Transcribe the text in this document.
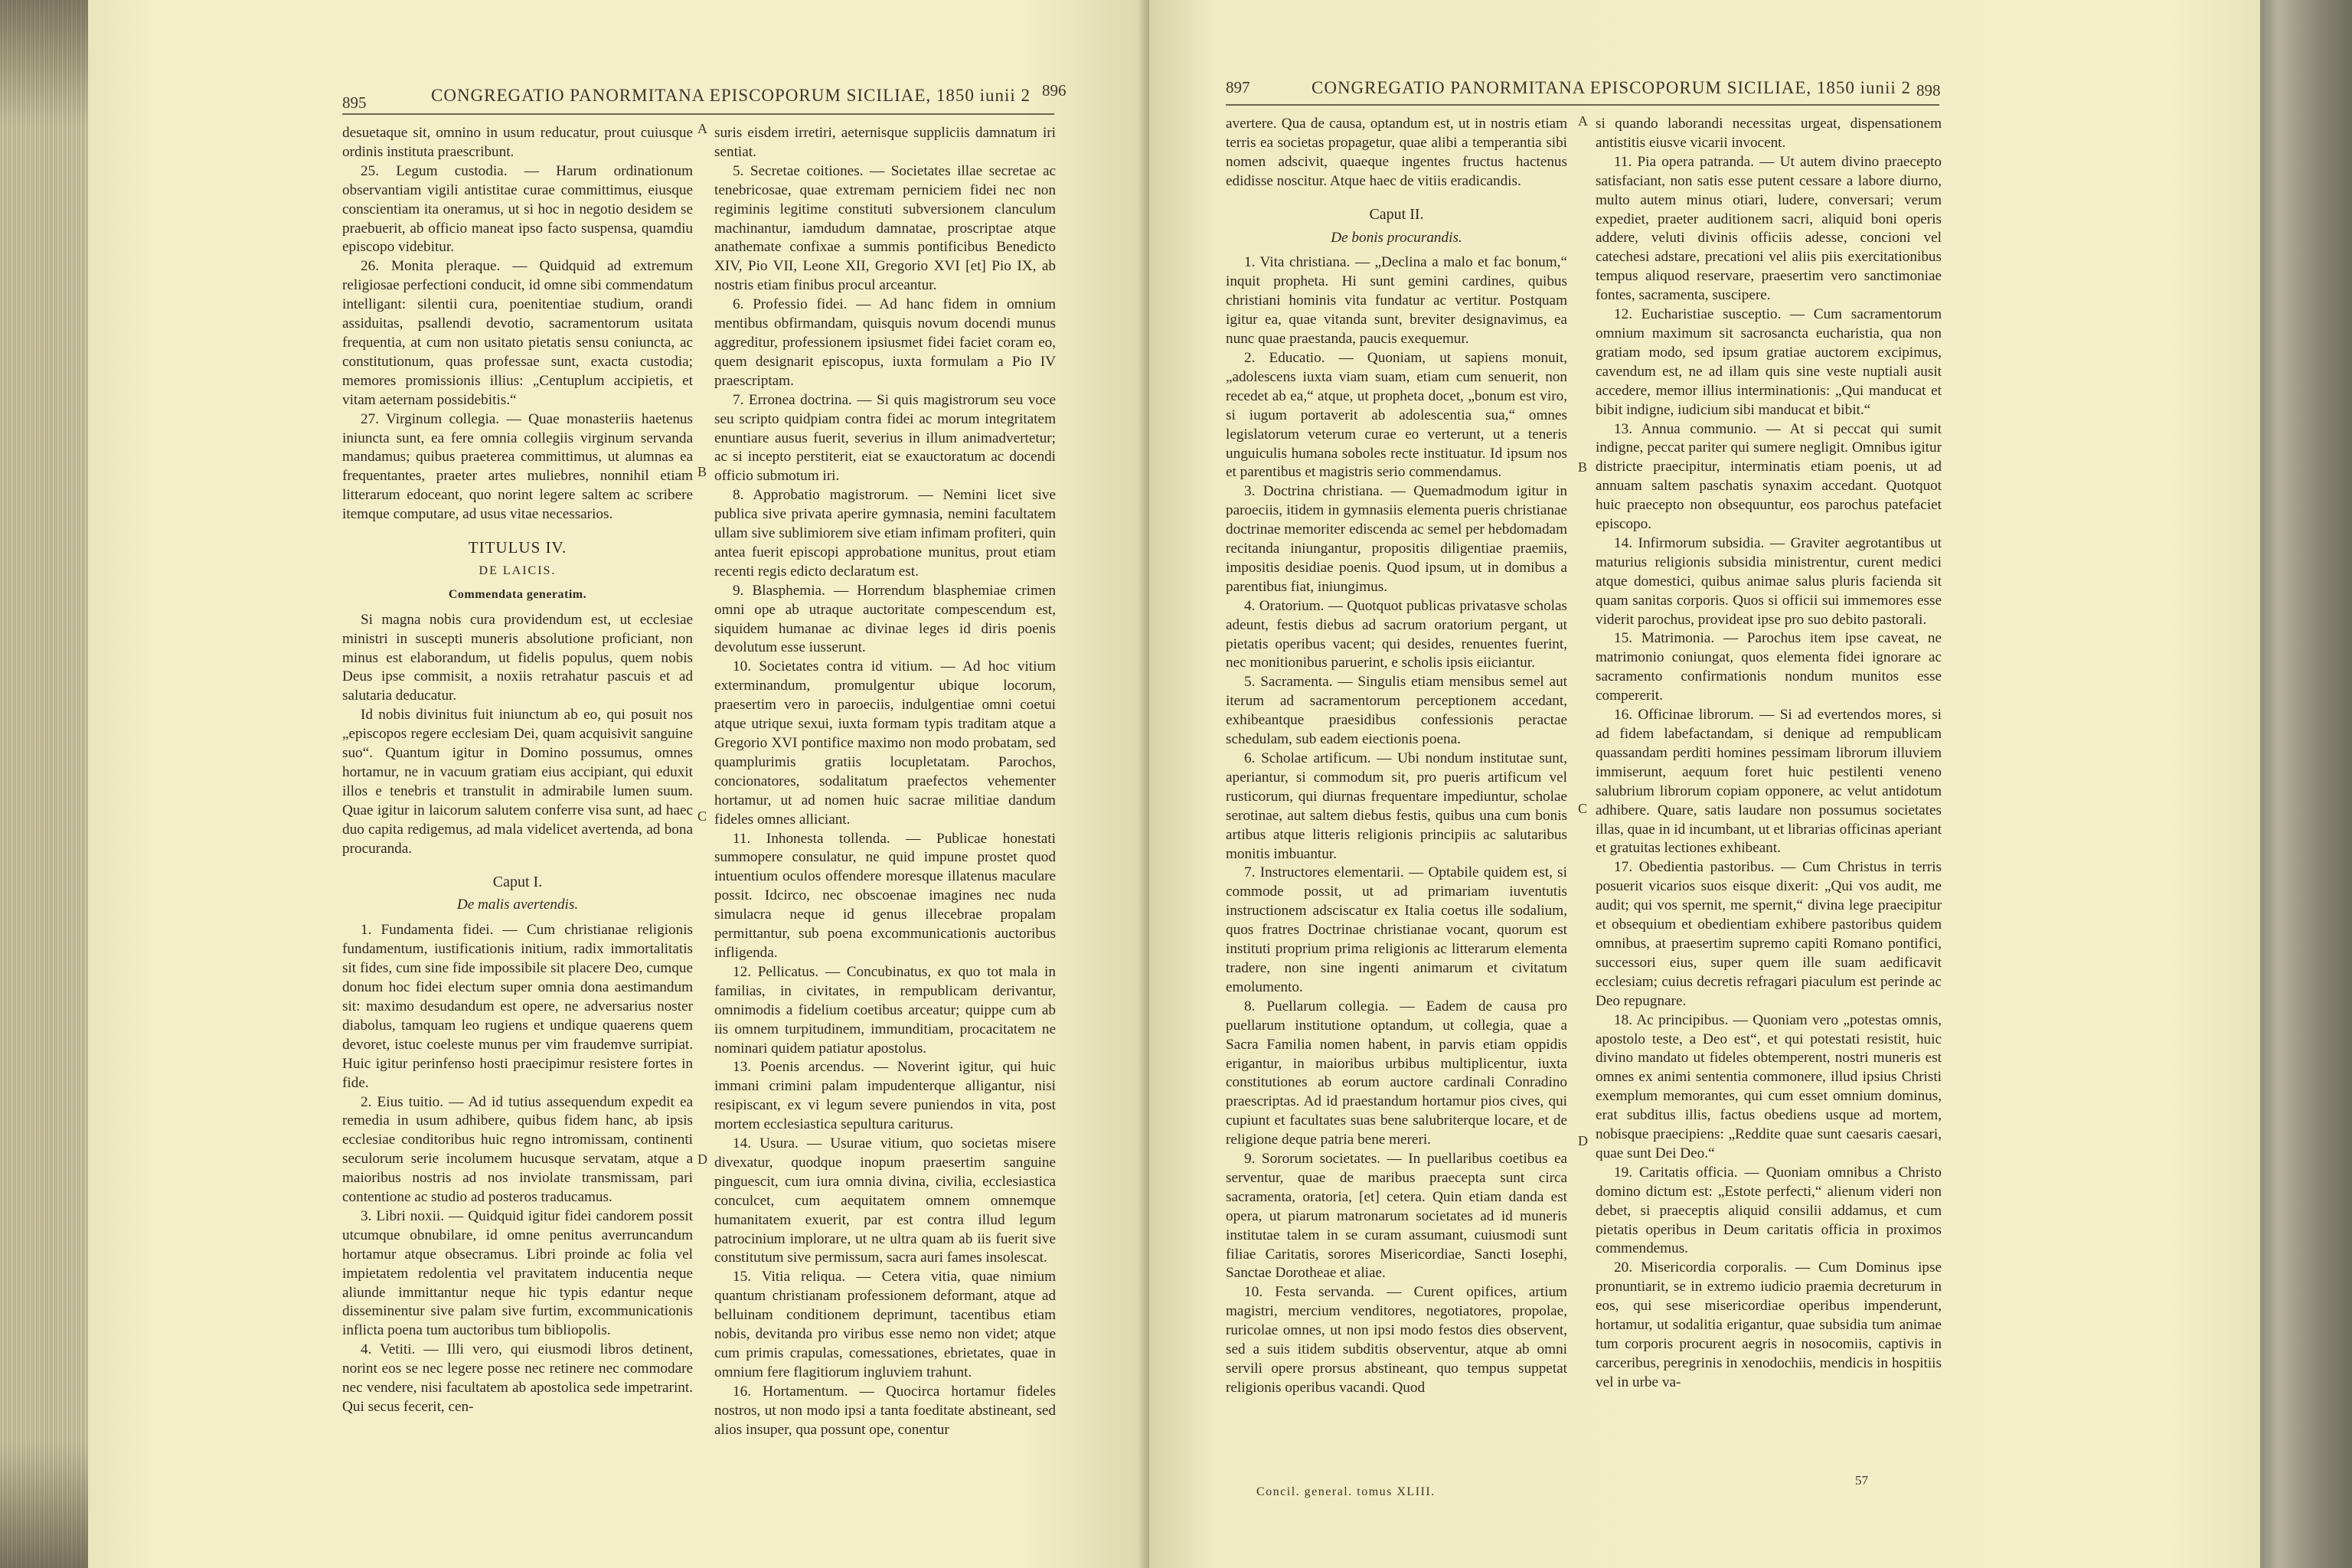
895	CONGREGATIO PANORMITANA EPISCOPORUM SICILIAE, 1850 iunii 2 896

desuetaque sit, omnino in usum reducatur, prout cuiusque ordinis instituta praescribunt.

25. Legum custodia. — Harum ordinationum observantiam vigili antistitae curae committimus, eiusque conscientiam ita oneramus, ut si hoc in negotio desidem se praebuerit, ab officio maneat ipso facto suspensa, quamdiu episcopo videbitur.

26. Monita pleraque. — Quidquid ad extremum religiosae perfectioni conducit, id omne sibi commendatum intelligant: silentii cura, poenitentiae studium, orandi assiduitas, psallendi devotio, sacramentorum usitata frequentia, at cum non usitato pietatis sensu coniuncta, ac constitutionum, quas professae sunt, exacta custodia; memores promissionis illius: „Centuplum accipietis, et vitam aeternam possidebitis.“

27. Virginum collegia. — Quae monasteriis haetenus iniuncta sunt, ea fere omnia collegiis virginum servanda mandamus; quibus praeterea committimus, ut alumnas ea frequentantes, praeter artes muliebres, nonnihil etiam litterarum edoceant, quo norint legere saltem ac scribere itemque computare, ad usus vitae necessarios.

TITULUS IV.

DE LAICIS.

Commendata generatim.

Si magna nobis cura providendum est, ut ecclesiae ministri in suscepti muneris absolutione proficiant, non minus est elaborandum, ut fidelis populus, quem nobis Deus ipse commisit, a noxiis retrahatur pascuis et ad salutaria deducatur.

Id nobis divinitus fuit iniunctum ab eo, qui posuit nos „episcopos regere ecclesiam Dei, quam acquisivit sanguine suo“. Quantum igitur in Domino possumus, omnes hortamur, ne in vacuum gratiam eius accipiant, qui eduxit illos e tenebris et transtulit in admirabile lumen suum. Quae igitur in laicorum salutem conferre visa sunt, ad haec duo capita redigemus, ad mala videlicet avertenda, ad bona procuranda.

Caput I.

De malis avertendis.

1. Fundamenta fidei. — Cum christianae religionis fundamentum, iustificationis initium, radix immortalitatis sit fides, cum sine fide impossibile sit placere Deo, cumque donum hoc fidei electum super omnia dona aestimandum sit: maximo desudandum est opere, ne adversarius noster diabolus, tamquam leo rugiens et undique quaerens quem devoret, istuc coeleste munus per vim fraudemve surripiat. Huic igitur perinfenso hosti praecipimur resistere fortes in fide.

2. Eius tuitio. — Ad id tutius assequendum expedit ea remedia in usum adhibere, quibus fidem hanc, ab ipsis ecclesiae conditoribus huic regno intromissam, continenti seculorum serie incolumem hucusque servatam, atque a maioribus nostris ad nos inviolate transmissam, pari contentione ac studio ad posteros traducamus.

3. Libri noxii. — Quidquid igitur fidei candorem possit utcumque obnubilare, id omne penitus averruncandum hortamur atque obsecramus. Libri proinde ac folia vel impietatem redolentia vel pravitatem inducentia neque aliunde immittantur neque hic typis edantur neque disseminentur sive palam sive furtim, excommunicationis inflicta poena tum auctoribus tum bibliopolis.

4. Vetiti. — Illi vero, qui eiusmodi libros detinent, norint eos se nec legere posse nec retinere nec commodare nec vendere, nisi facultatem ab apostolica sede impetrarint. Qui secus fecerit, cen-

A
B
C
D

suris eisdem irretiri, aeternisque suppliciis damnatum iri sentiat.

5. Secretae coitiones. — Societates illae secretae ac tenebricosae, quae extremam perniciem fidei nec non regiminis legitime constituti subversionem clanculum machinantur, iamdudum damnatae, proscriptae atque anathemate confixae a summis pontificibus Benedicto XIV, Pio VII, Leone XII, Gregorio XVI [et] Pio IX, ab nostris etiam finibus procul arceantur.

6. Professio fidei. — Ad hanc fidem in omnium mentibus obfirmandam, quisquis novum docendi munus aggreditur, professionem ipsiusmet fidei faciet coram eo, quem designarit episcopus, iuxta formulam a Pio IV praescriptam.

7. Erronea doctrina. — Si quis magistrorum seu voce seu scripto quidpiam contra fidei ac morum integritatem enuntiare ausus fuerit, severius in illum animadvertetur; ac si incepto perstiterit, eiat se exauctoratum ac docendi officio submotum iri.

8. Approbatio magistrorum. — Nemini licet sive publica sive privata aperire gymnasia, nemini facultatem ullam sive sublimiorem sive etiam infimam profiteri, quin antea fuerit episcopi approbatione munitus, prout etiam recenti regis edicto declaratum est.

9. Blasphemia. — Horrendum blasphemiae crimen omni ope ab utraque auctoritate compescendum est, siquidem humanae ac divinae leges id diris poenis devolutum esse iusserunt.

10. Societates contra id vitium. — Ad hoc vitium exterminandum, promulgentur ubique locorum, praesertim vero in paroeciis, indulgentiae omni coetui atque utrique sexui, iuxta formam typis traditam atque a Gregorio XVI pontifice maximo non modo probatam, sed quamplurimis gratiis locupletatam. Parochos, concionatores, sodalitatum praefectos vehementer hortamur, ut ad nomen huic sacrae militiae dandum fideles omnes alliciant.

11. Inhonesta tollenda. — Publicae honestati summopere consulatur, ne quid impune prostet quod intuentium oculos offendere moresque illatenus maculare possit. Idcirco, nec obscoenae imagines nec nuda simulacra neque id genus illecebrae propalam permittantur, sub poena excommunicationis auctoribus infligenda.

12. Pellicatus. — Concubinatus, ex quo tot mala in familias, in civitates, in rempublicam derivantur, omnimodis a fidelium coetibus arceatur; quippe cum ab iis omnem turpitudinem, immunditiam, procacitatem ne nominari quidem patiatur apostolus.

13. Poenis arcendus. — Noverint igitur, qui huic immani crimini palam impudenterque alligantur, nisi resipiscant, ex vi legum severe puniendos in vita, post mortem ecclesiastica sepultura cariturus.

14. Usura. — Usurae vitium, quo societas misere divexatur, quodque inopum praesertim sanguine pinguescit, cum iura omnia divina, civilia, ecclesiastica conculcet, cum aequitatem omnem omnemque humanitatem exuerit, par est contra illud legum patrocinium implorare, ut ne ultra quam ab iis fuerit sive constitutum sive permissum, sacra auri fames insolescat.

15. Vitia reliqua. — Cetera vitia, quae nimium quantum christianam professionem deformant, atque ad belluinam conditionem deprimunt, tacentibus etiam nobis, devitanda pro viribus esse nemo non videt; atque cum primis crapulas, comessationes, ebrietates, quae in omnium fere flagitiorum ingluviem trahunt.

16. Hortamentum. — Quocirca hortamur fideles nostros, ut non modo ipsi a tanta foeditate abstineant, sed alios insuper, qua possunt ope, conentur

897	CONGREGATIO PANORMITANA EPISCOPORUM SICILIAE, 1850 iunii 2 898

avertere. Qua de causa, optandum est, ut in nostris etiam terris ea societas propagetur, quae alibi a temperantia sibi nomen adscivit, quaeque ingentes fructus hactenus edidisse noscitur. Atque haec de vitiis eradicandis.

Caput II.

De bonis procurandis.

1. Vita christiana. — „Declina a malo et fac bonum,“ inquit propheta. Hi sunt gemini cardines, quibus christiani hominis vita fundatur ac vertitur. Postquam igitur ea, quae vitanda sunt, breviter designavimus, ea nunc quae praestanda, paucis exequemur.

2. Educatio. — Quoniam, ut sapiens monuit, „adolescens iuxta viam suam, etiam cum senuerit, non recedet ab ea,“ atque, ut propheta docet, „bonum est viro, si iugum portaverit ab adolescentia sua,“ omnes legislatorum veterum curae eo verterunt, ut a teneris unguiculis humana soboles recte instituatur. Id ipsum nos et parentibus et magistris serio commendamus.

3. Doctrina christiana. — Quemadmodum igitur in paroeciis, itidem in gymnasiis elementa pueris christianae doctrinae memoriter ediscenda ac semel per hebdomadam recitanda iniungantur, propositis diligentiae praemiis, impositis desidiae poenis. Quod ipsum, ut in domibus a parentibus fiat, iniungimus.

4. Oratorium. — Quotquot publicas privatasve scholas adeunt, festis diebus ad sacrum oratorium pergant, ut pietatis operibus vacent; qui desides, renuentes fuerint, nec monitionibus paruerint, e scholis ipsis eiiciantur.

5. Sacramenta. — Singulis etiam mensibus semel aut iterum ad sacramentorum perceptionem accedant, exhibeantque praesidibus confessionis peractae schedulam, sub eadem eiectionis poena.

6. Scholae artificum. — Ubi nondum institutae sunt, aperiantur, si commodum sit, pro pueris artificum vel rusticorum, qui diurnas frequentare impediuntur, scholae serotinae, aut saltem diebus festis, quibus una cum bonis artibus atque litteris religionis principiis ac salutaribus monitis imbuantur.

7. Instructores elementarii. — Optabile quidem est, si commode possit, ut ad primariam iuventutis instructionem adsciscatur ex Italia coetus ille sodalium, quos fratres Doctrinae christianae vocant, quorum est instituti proprium prima religionis ac litterarum elementa tradere, non sine ingenti animarum et civitatum emolumento.

8. Puellarum collegia. — Eadem de causa pro puellarum institutione optandum, ut collegia, quae a Sacra Familia nomen habent, in parvis etiam oppidis erigantur, in maioribus urbibus multiplicentur, iuxta constitutiones ab eorum auctore cardinali Conradino praescriptas. Ad id praestandum hortamur pios cives, qui cupiunt et facultates suas bene salubriterque locare, et de religione deque patria bene mereri.

9. Sororum societates. — In puellaribus coetibus ea serventur, quae de maribus praecepta sunt circa sacramenta, oratoria, [et] cetera. Quin etiam danda est opera, ut piarum matronarum societates ad id muneris institutae talem in se curam assumant, cuiusmodi sunt filiae Caritatis, sorores Misericordiae, Sancti Iosephi, Sanctae Dorotheae et aliae.

10. Festa servanda. — Curent opifices, artium magistri, mercium venditores, negotiatores, propolae, ruricolae omnes, ut non ipsi modo festos dies observent, sed a suis itidem subditis observentur, atque ab omni servili opere prorsus abstineant, quo tempus suppetat religionis operibus vacandi. Quod

A
B
C
D

si quando laborandi necessitas urgeat, dispensationem antistitis eiusve vicarii invocent.

11. Pia opera patranda. — Ut autem divino praecepto satisfaciant, non satis esse putent cessare a labore diurno, multo autem minus otiari, ludere, conversari; verum expediet, praeter auditionem sacri, aliquid boni operis addere, veluti divinis officiis adesse, concioni vel catechesi adstare, precationi vel aliis piis exercitationibus tempus aliquod reservare, praesertim vero sanctimoniae fontes, sacramenta, suscipere.

12. Eucharistiae susceptio. — Cum sacramentorum omnium maximum sit sacrosancta eucharistia, qua non gratiam modo, sed ipsum gratiae auctorem excipimus, cavendum est, ne ad illam quis sine veste nuptiali ausit accedere, memor illius interminationis: „Qui manducat et bibit indigne, iudicium sibi manducat et bibit.“

13. Annua communio. — At si peccat qui sumit indigne, peccat pariter qui sumere negligit. Omnibus igitur districte praecipitur, interminatis etiam poenis, ut ad annuam saltem paschatis synaxim accedant. Quotquot huic praecepto non obsequuntur, eos parochus patefaciet episcopo.

14. Infirmorum subsidia. — Graviter aegrotantibus ut maturius religionis subsidia ministrentur, curent medici atque domestici, quibus animae salus pluris facienda sit quam sanitas corporis. Quos si officii sui immemores esse viderit parochus, provideat ipse pro suo debito pastorali.

15. Matrimonia. — Parochus item ipse caveat, ne matrimonio coniungat, quos elementa fidei ignorare ac sacramento confirmationis nondum munitos esse compererit.

16. Officinae librorum. — Si ad evertendos mores, si ad fidem labefactandam, si denique ad rempublicam quassandam perditi homines pessimam librorum illuviem immiserunt, aequum foret huic pestilenti veneno salubrium librorum copiam opponere, ac velut antidotum adhibere. Quare, satis laudare non possumus societates illas, quae in id incumbant, ut et librarias officinas aperiant et gratuitas lectiones exhibeant.

17. Obedientia pastoribus. — Cum Christus in terris posuerit vicarios suos eisque dixerit: „Qui vos audit, me audit; qui vos spernit, me spernit,“ divina lege praecipitur et obsequium et obedientiam exhibere pastoribus quidem omnibus, at praesertim supremo capiti Romano pontifici, successori eius, super quem ille suam aedificavit ecclesiam; cuius decretis refragari piaculum est perinde ac Deo repugnare.

18. Ac principibus. — Quoniam vero „potestas omnis, apostolo teste, a Deo est“, et qui potestati resistit, huic divino mandato ut fideles obtemperent, nostri muneris est omnes ex animi sententia commonere, illud ipsius Christi exemplum memorantes, qui cum esset omnium dominus, erat subditus illis, factus obediens usque ad mortem, nobisque praecipiens: „Reddite quae sunt caesaris caesari, quae sunt Dei Deo.“

19. Caritatis officia. — Quoniam omnibus a Christo domino dictum est: „Estote perfecti,“ alienum videri non debet, si praeceptis aliquid consilii addamus, et cum pietatis operibus in Deum caritatis officia in proximos commendemus.

20. Misericordia corporalis. — Cum Dominus ipse pronuntiarit, se in extremo iudicio praemia decreturum in eos, qui sese misericordiae operibus impenderunt, hortamur, ut sodalitia erigantur, quae subsidia tum animae tum corporis procurent aegris in nosocomiis, captivis in carceribus, peregrinis in xenodochiis, mendicis in hospitiis vel in urbe va-

Concil. general. tomus XLIII.
57
